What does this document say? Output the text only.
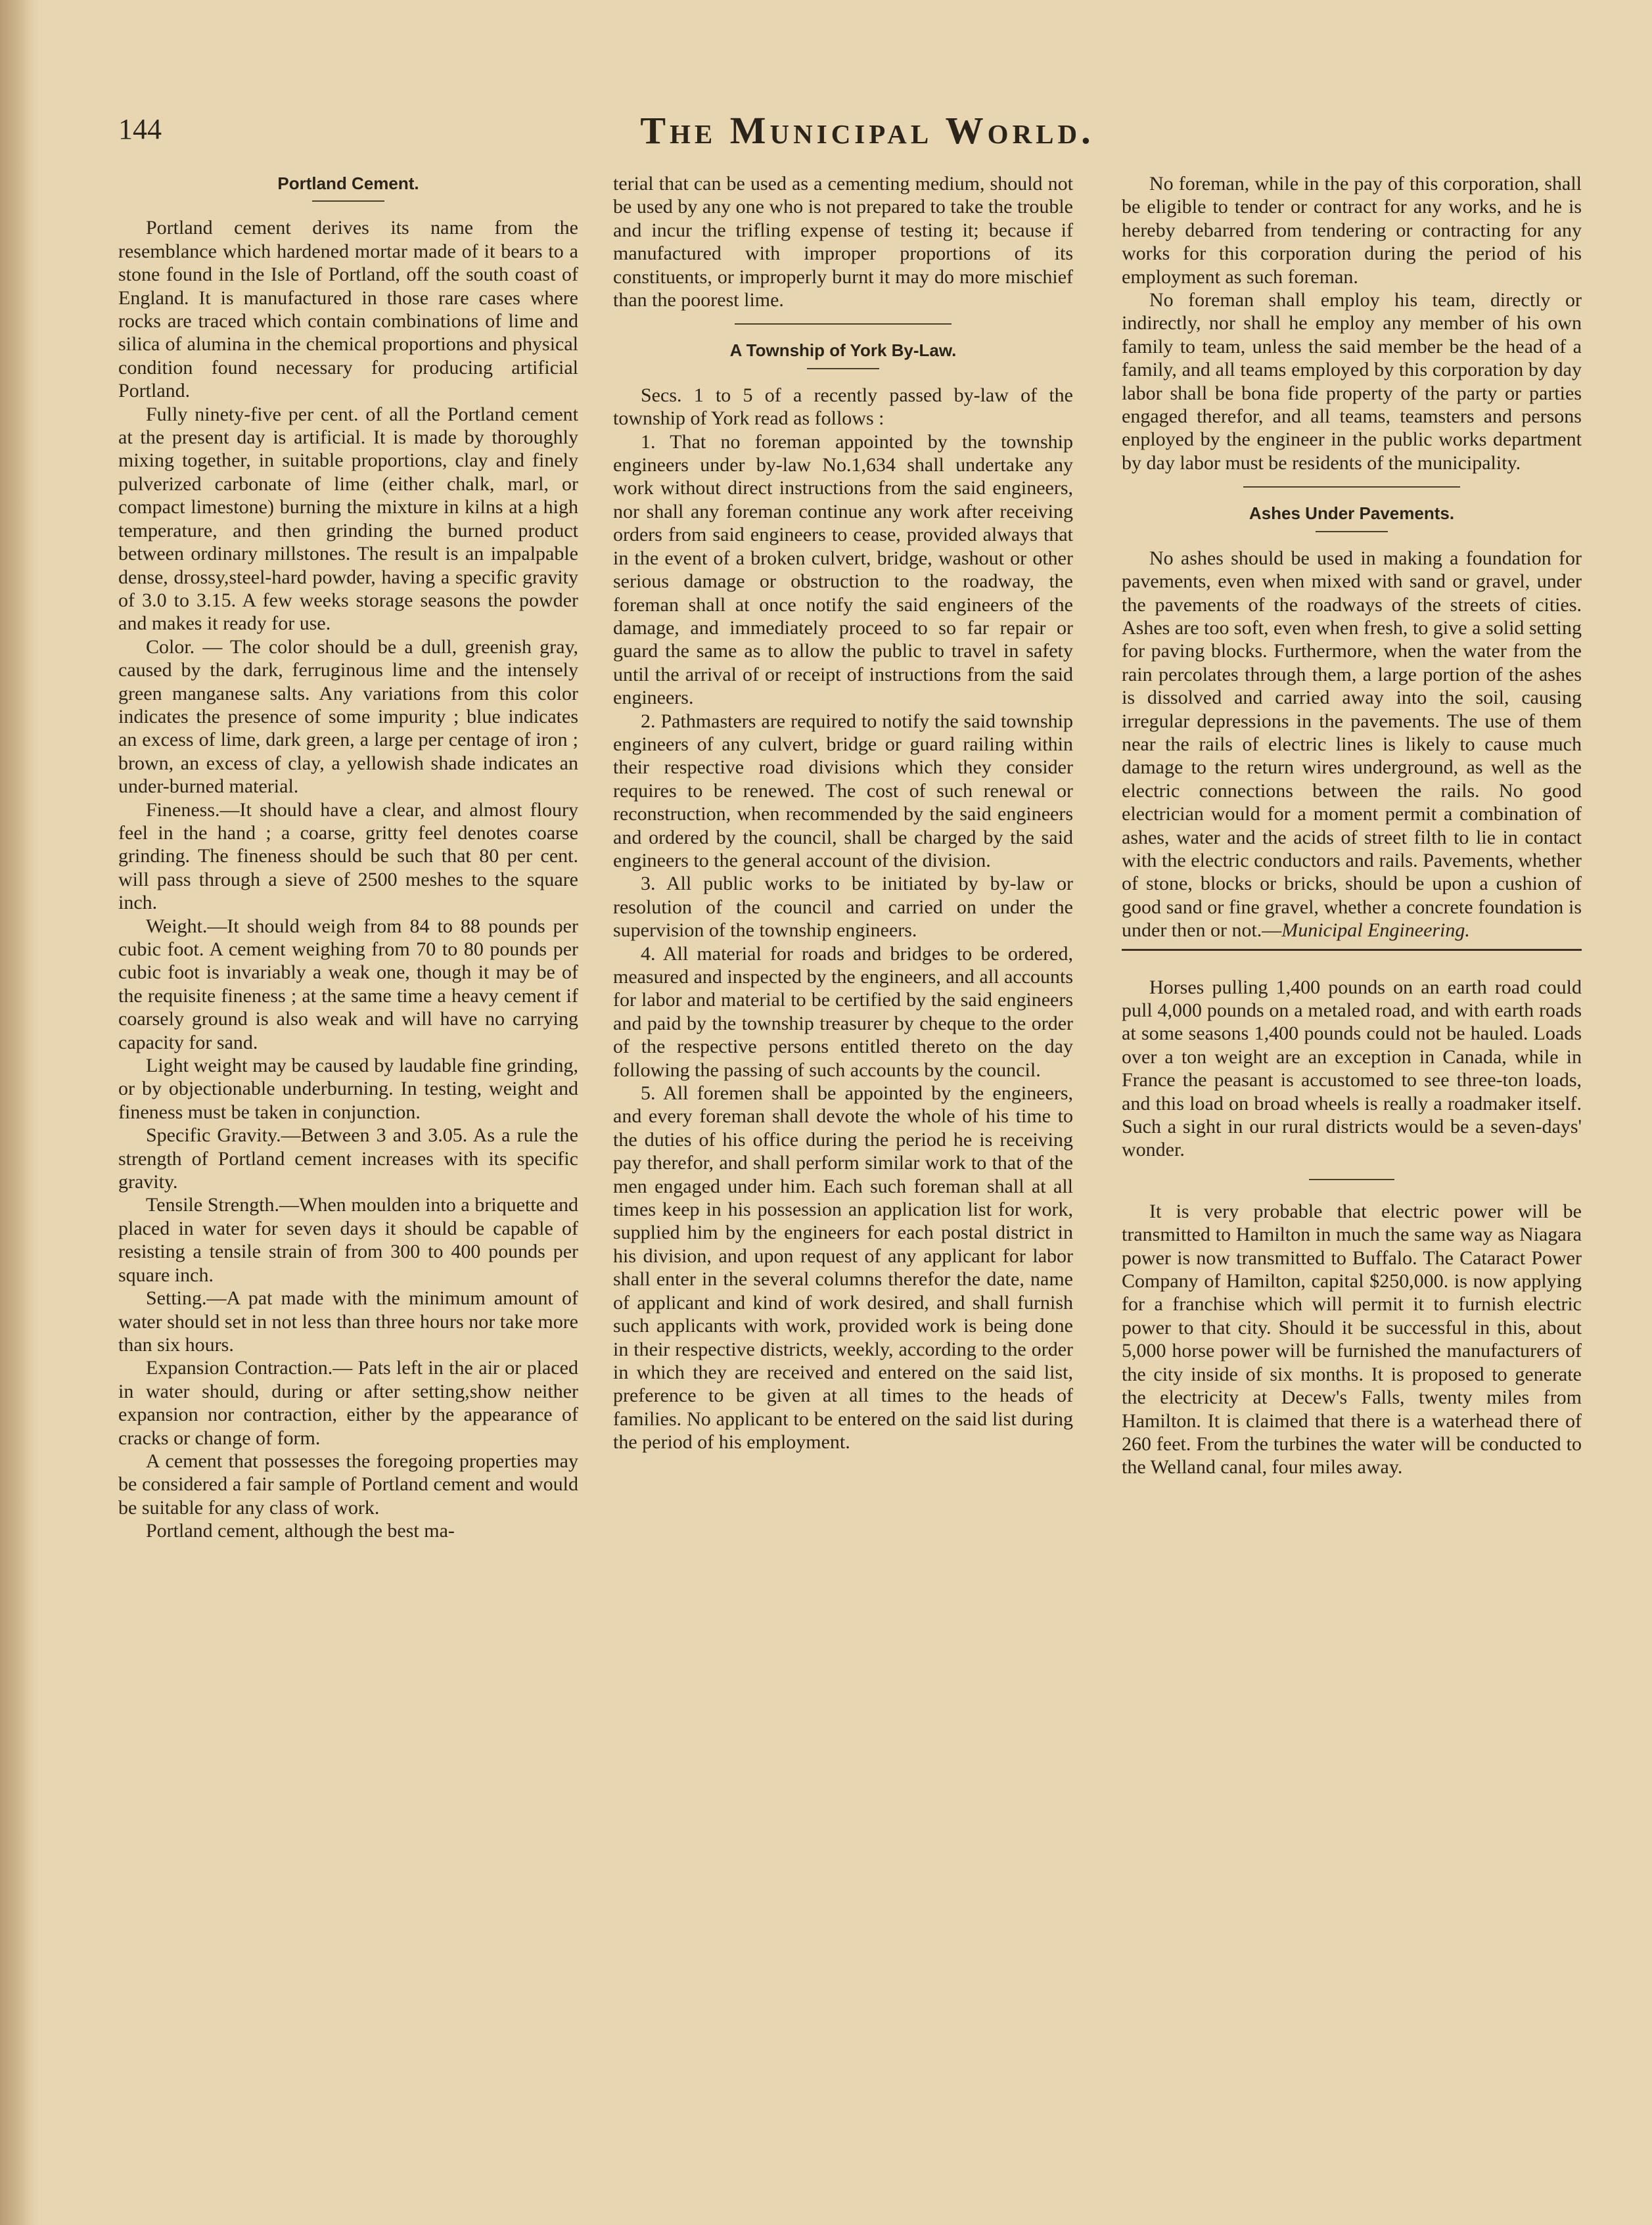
144	The Municipal World.
Portland Cement.

Portland cement derives its name from the resemblance which hardened mortar made of it bears to a stone found in the Isle of Portland, off the south coast of England. It is manufactured in those rare cases where rocks are traced which contain combinations of lime and silica of alumina in the chemical proportions and physical condition found necessary for producing artificial Portland.

Fully ninety-five per cent. of all the Portland cement at the present day is artificial. It is made by thoroughly mixing together, in suitable proportions, clay and finely pulverized carbonate of lime (either chalk, marl, or compact limestone) burning the mixture in kilns at a high temperature, and then grinding the burned product between ordinary millstones. The result is an impalpable dense, drossy,steel-hard powder, having a specific gravity of 3.0 to 3.15. A few weeks storage seasons the powder and makes it ready for use.

Color. — The color should be a dull, greenish gray, caused by the dark, ferruginous lime and the intensely green manganese salts. Any variations from this color indicates the presence of some impurity ; blue indicates an excess of lime, dark green, a large per centage of iron ; brown, an excess of clay, a yellowish shade indicates an under-burned material.

Fineness.—It should have a clear, and almost floury feel in the hand ; a coarse, gritty feel denotes coarse grinding. The fineness should be such that 80 per cent. will pass through a sieve of 2500 meshes to the square inch.

Weight.—It should weigh from 84 to 88 pounds per cubic foot. A cement weighing from 70 to 80 pounds per cubic foot is invariably a weak one, though it may be of the requisite fineness ; at the same time a heavy cement if coarsely ground is also weak and will have no carrying capacity for sand.

Light weight may be caused by laudable fine grinding, or by objectionable underburning. In testing, weight and fineness must be taken in conjunction.

Specific Gravity.—Between 3 and 3.05. As a rule the strength of Portland cement increases with its specific gravity.

Tensile Strength.—When moulden into a briquette and placed in water for seven days it should be capable of resisting a tensile strain of from 300 to 400 pounds per square inch.

Setting.—A pat made with the minimum amount of water should set in not less than three hours nor take more than six hours.

Expansion Contraction.— Pats left in the air or placed in water should, during or after setting,show neither expansion nor contraction, either by the appearance of cracks or change of form.

A cement that possesses the foregoing properties may be considered a fair sample of Portland cement and would be suitable for any class of work.

Portland cement, although the best ma-

terial that can be used as a cementing medium, should not be used by any one who is not prepared to take the trouble and incur the trifling expense of testing it; because if manufactured with improper proportions of its constituents, or improperly burnt it may do more mischief than the poorest lime.

A Township of York By-Law.

Secs. 1 to 5 of a recently passed by-law of the township of York read as follows :

1. That no foreman appointed by the township engineers under by-law No.1,634 shall undertake any work without direct instructions from the said engineers, nor shall any foreman continue any work after receiving orders from said engineers to cease, provided always that in the event of a broken culvert, bridge, washout or other serious damage or obstruction to the roadway, the foreman shall at once notify the said engineers of the damage, and immediately proceed to so far repair or guard the same as to allow the public to travel in safety until the arrival of or receipt of instructions from the said engineers.

2. Pathmasters are required to notify the said township engineers of any culvert, bridge or guard railing within their respective road divisions which they consider requires to be renewed. The cost of such renewal or reconstruction, when recommended by the said engineers and ordered by the council, shall be charged by the said engineers to the general account of the division.

3. All public works to be initiated by by-law or resolution of the council and carried on under the supervision of the township engineers.

4. All material for roads and bridges to be ordered, measured and inspected by the engineers, and all accounts for labor and material to be certified by the said engineers and paid by the township treasurer by cheque to the order of the respective persons entitled thereto on the day following the passing of such accounts by the council.

5. All foremen shall be appointed by the engineers, and every foreman shall devote the whole of his time to the duties of his office during the period he is receiving pay therefor, and shall perform similar work to that of the men engaged under him. Each such foreman shall at all times keep in his possession an application list for work, supplied him by the engineers for each postal district in his division, and upon request of any applicant for labor shall enter in the several columns therefor the date, name of applicant and kind of work desired, and shall furnish such applicants with work, provided work is being done in their respective districts, weekly, according to the order in which they are received and entered on the said list, preference to be given at all times to the heads of families. No applicant to be entered on the said list during the period of his employment.

No foreman, while in the pay of this corporation, shall be eligible to tender or contract for any works, and he is hereby debarred from tendering or contracting for any works for this corporation during the period of his employment as such foreman.

No foreman shall employ his team, directly or indirectly, nor shall he employ any member of his own family to team, unless the said member be the head of a family, and all teams employed by this corporation by day labor shall be bona fide property of the party or parties engaged therefor, and all teams, teamsters and persons enployed by the engineer in the public works department by day labor must be residents of the municipality.

Ashes Under Pavements.

No ashes should be used in making a foundation for pavements, even when mixed with sand or gravel, under the pavements of the roadways of the streets of cities. Ashes are too soft, even when fresh, to give a solid setting for paving blocks. Furthermore, when the water from the rain percolates through them, a large portion of the ashes is dissolved and carried away into the soil, causing irregular depressions in the pavements. The use of them near the rails of electric lines is likely to cause much damage to the return wires underground, as well as the electric connections between the rails. No good electrician would for a moment permit a combination of ashes, water and the acids of street filth to lie in contact with the electric conductors and rails. Pavements, whether of stone, blocks or bricks, should be upon a cushion of good sand or fine gravel, whether a concrete foundation is under then or not.—Municipal Engineering.

Horses pulling 1,400 pounds on an earth road could pull 4,000 pounds on a metaled road, and with earth roads at some seasons 1,400 pounds could not be hauled. Loads over a ton weight are an exception in Canada, while in France the peasant is accustomed to see three-ton loads, and this load on broad wheels is really a roadmaker itself. Such a sight in our rural districts would be a seven-days' wonder.

It is very probable that electric power will be transmitted to Hamilton in much the same way as Niagara power is now transmitted to Buffalo. The Cataract Power Company of Hamilton, capital $250,000. is now applying for a franchise which will permit it to furnish electric power to that city. Should it be successful in this, about 5,000 horse power will be furnished the manufacturers of the city inside of six months. It is proposed to generate the electricity at Decew's Falls, twenty miles from Hamilton. It is claimed that there is a waterhead there of 260 feet. From the turbines the water will be conducted to the Welland canal, four miles away.
